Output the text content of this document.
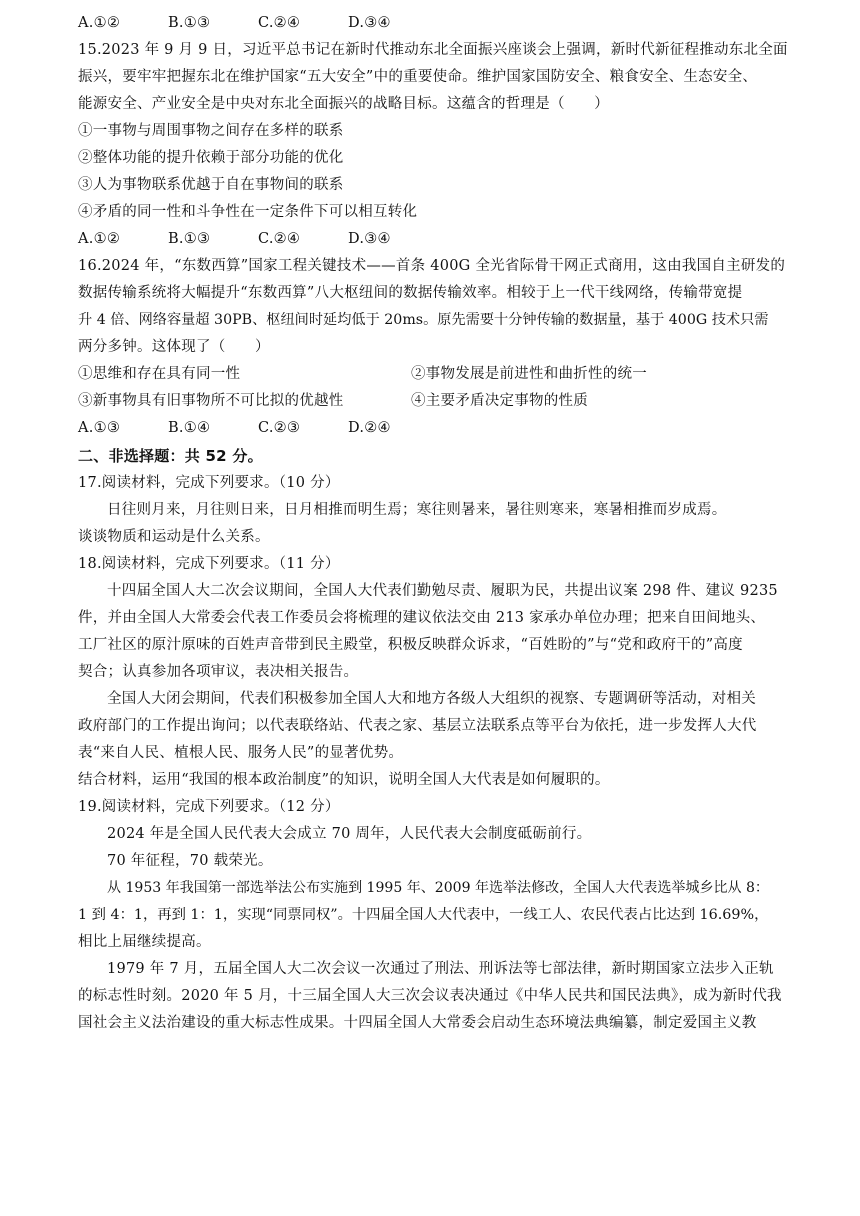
A.①②	B.①③	C.②④	D.③④
15.2023 年 9 月 9 日，习近平总书记在新时代推动东北全面振兴座谈会上强调，新时代新征程推动东北全面
振兴，要牢牢把握东北在维护国家“五大安全”中的重要使命。维护国家国防安全、粮食安全、生态安全、
能源安全、产业安全是中央对东北全面振兴的战略目标。这蕴含的哲理是（　　）
①一事物与周围事物之间存在多样的联系
②整体功能的提升依赖于部分功能的优化
③人为事物联系优越于自在事物间的联系
④矛盾的同一性和斗争性在一定条件下可以相互转化
A.①②	B.①③	C.②④	D.③④
16.2024 年，“东数西算”国家工程关键技术——首条 400G 全光省际骨干网正式商用，这由我国自主研发的
数据传输系统将大幅提升“东数西算”八大枢纽间的数据传输效率。相较于上一代干线网络，传输带宽提
升 4 倍、网络容量超 30PB、枢纽间时延均低于 20ms。原先需要十分钟传输的数据量，基于 400G 技术只需
两分多钟。这体现了（　　）
①思维和存在具有同一性	②事物发展是前进性和曲折性的统一
③新事物具有旧事物所不可比拟的优越性	④主要矛盾决定事物的性质
A.①③	B.①④	C.②③	D.②④
二、非选择题：共 52 分。
17.阅读材料，完成下列要求。（10 分）
日往则月来，月往则日来，日月相推而明生焉；寒往则暑来，暑往则寒来，寒暑相推而岁成焉。
谈谈物质和运动是什么关系。
18.阅读材料，完成下列要求。（11 分）
十四届全国人大二次会议期间，全国人大代表们勤勉尽责、履职为民，共提出议案 298 件、建议 9235
件，并由全国人大常委会代表工作委员会将梳理的建议依法交由 213 家承办单位办理；把来自田间地头、
工厂社区的原汁原味的百姓声音带到民主殿堂，积极反映群众诉求，“百姓盼的”与“党和政府干的”高度
契合；认真参加各项审议，表决相关报告。
全国人大闭会期间，代表们积极参加全国人大和地方各级人大组织的视察、专题调研等活动，对相关
政府部门的工作提出询问；以代表联络站、代表之家、基层立法联系点等平台为依托，进一步发挥人大代
表“来自人民、植根人民、服务人民”的显著优势。
结合材料，运用“我国的根本政治制度”的知识，说明全国人大代表是如何履职的。
19.阅读材料，完成下列要求。（12 分）
2024 年是全国人民代表大会成立 70 周年，人民代表大会制度砥砺前行。
70 年征程，70 载荣光。
从 1953 年我国第一部选举法公布实施到 1995 年、2009 年选举法修改，全国人大代表选举城乡比从 8：
1 到 4：1，再到 1：1，实现“同票同权”。十四届全国人大代表中，一线工人、农民代表占比达到 16.69%，
相比上届继续提高。
1979 年 7 月，五届全国人大二次会议一次通过了刑法、刑诉法等七部法律，新时期国家立法步入正轨
的标志性时刻。2020 年 5 月，十三届全国人大三次会议表决通过《中华人民共和国民法典》，成为新时代我
国社会主义法治建设的重大标志性成果。十四届全国人大常委会启动生态环境法典编纂，制定爱国主义教
